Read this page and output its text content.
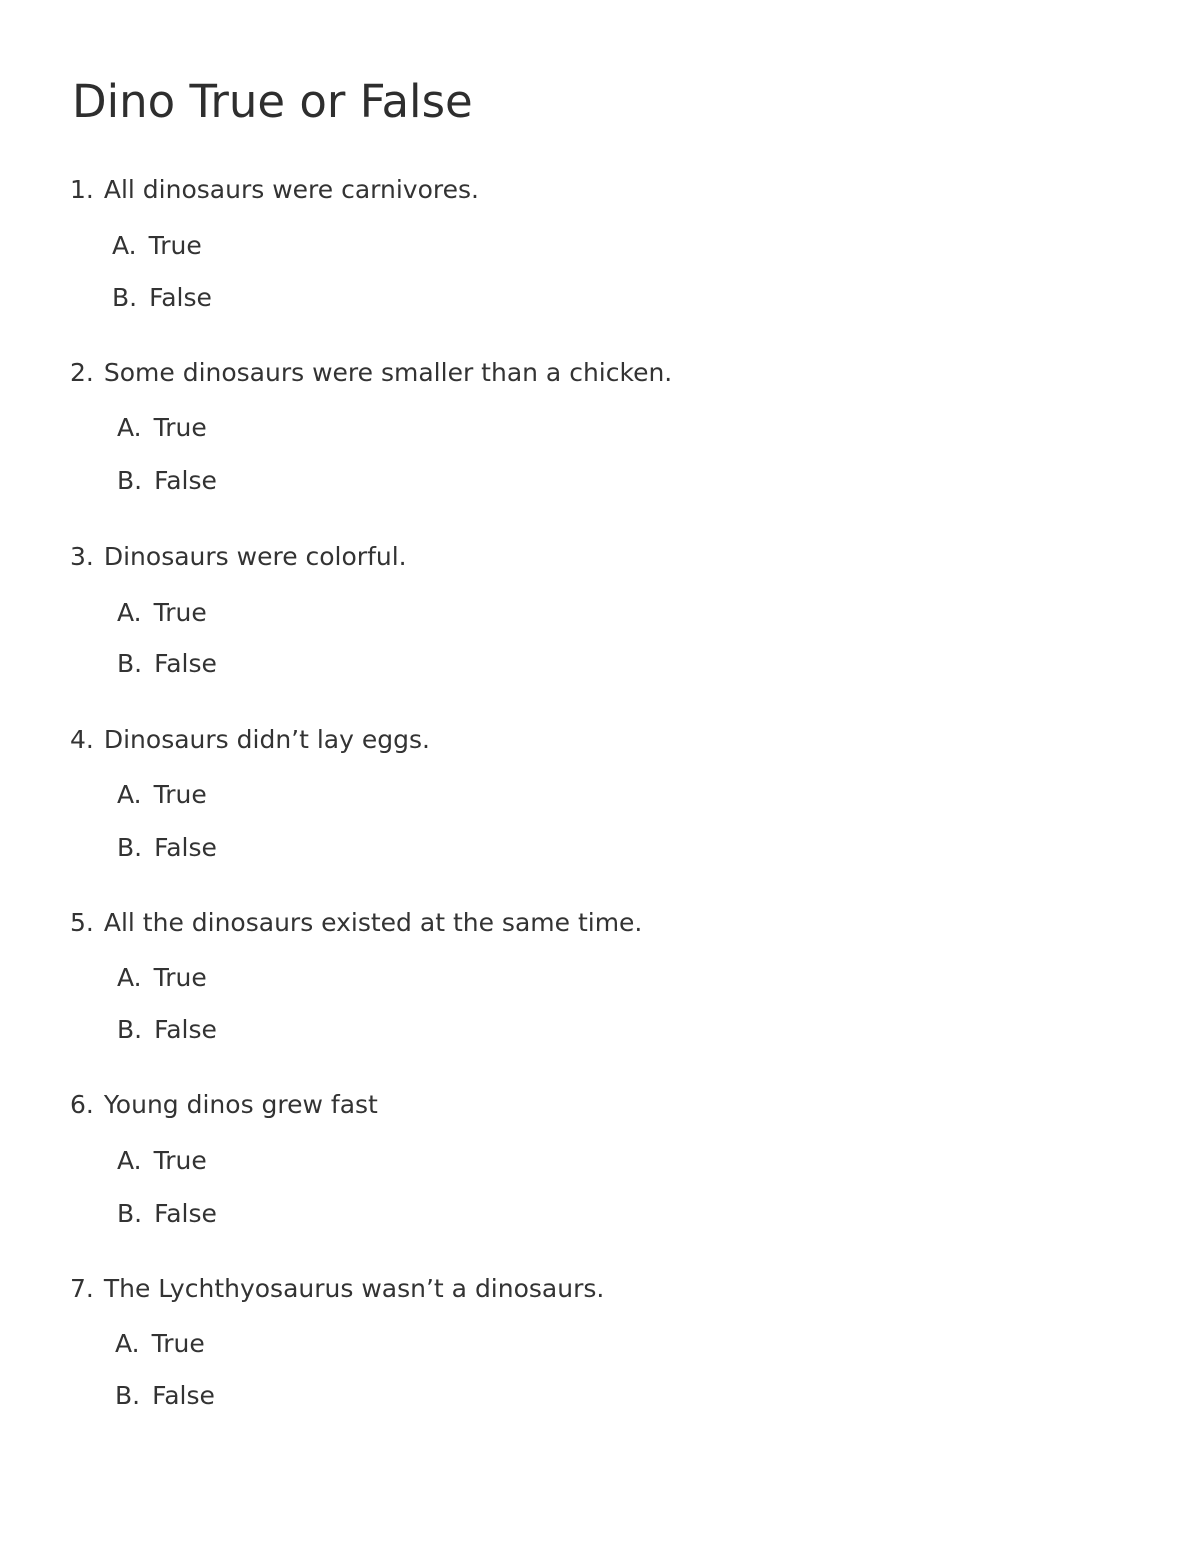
Dino True or False
1. All dinosaurs were carnivores.
A. True
B. False
2. Some dinosaurs were smaller than a chicken.
A. True
B. False
3. Dinosaurs were colorful.
A. True
B. False
4. Dinosaurs didn’t lay eggs.
A. True
B. False
5. All the dinosaurs existed at the same time.
A. True
B. False
6. Young dinos grew fast
A. True
B. False
7. The Lychthyosaurus wasn’t a dinosaurs.
A. True
B. False
